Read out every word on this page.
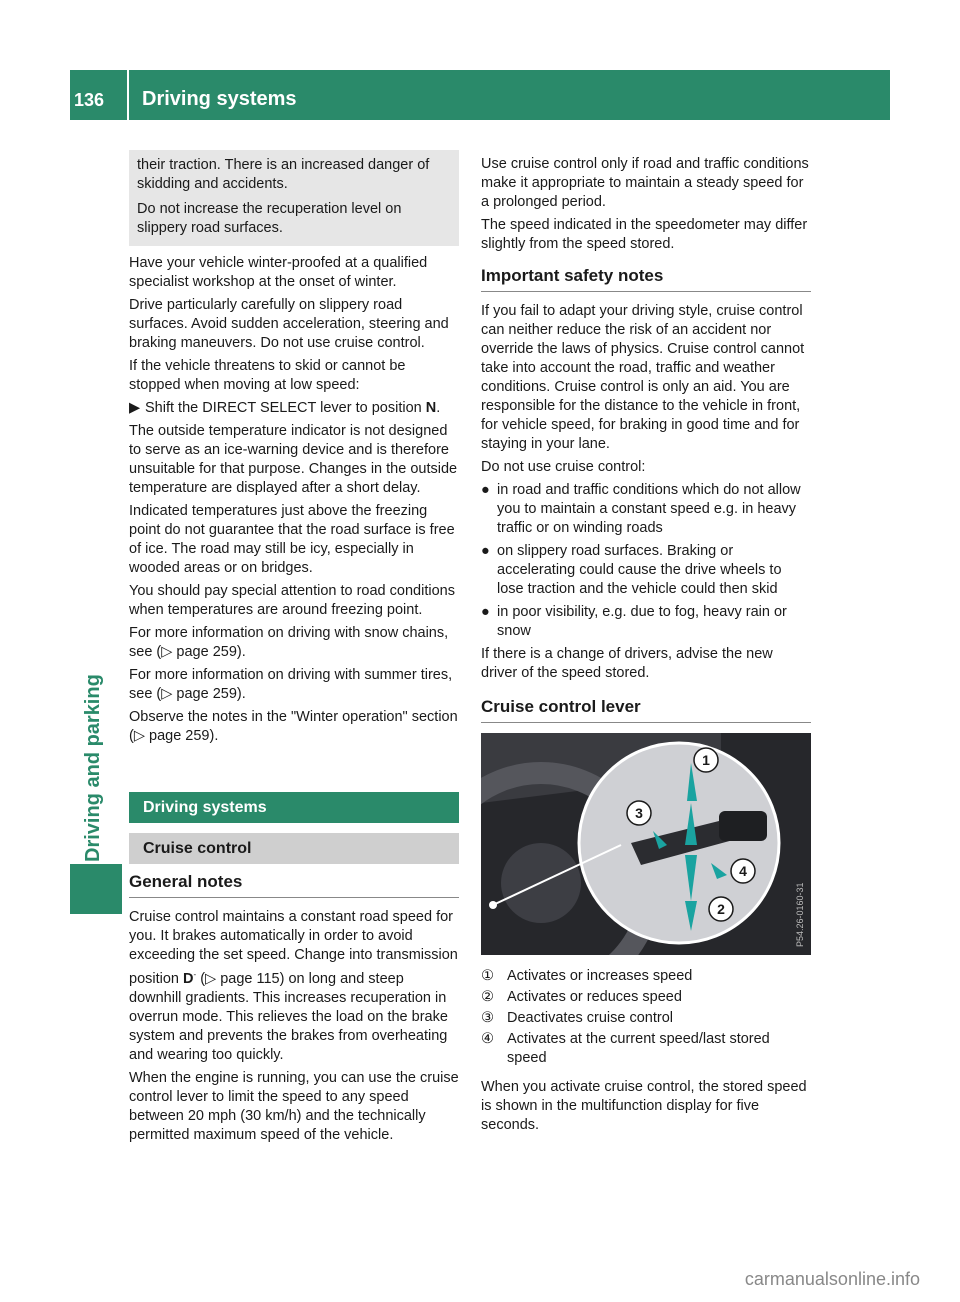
136 Driving systems
Driving and parking

their traction. There is an increased danger of skidding and accidents.

Do not increase the recuperation level on slippery road surfaces.

Have your vehicle winter-proofed at a qualified specialist workshop at the onset of winter.

Drive particularly carefully on slippery road surfaces. Avoid sudden acceleration, steering and braking maneuvers. Do not use cruise control.

If the vehicle threatens to skid or cannot be stopped when moving at low speed:

▶ Shift the DIRECT SELECT lever to position N.

The outside temperature indicator is not designed to serve as an ice-warning device and is therefore unsuitable for that purpose. Changes in the outside temperature are displayed after a short delay.

Indicated temperatures just above the freezing point do not guarantee that the road surface is free of ice. The road may still be icy, especially in wooded areas or on bridges.

You should pay special attention to road conditions when temperatures are around freezing point.

For more information on driving with snow chains, see (▷ page 259).

For more information on driving with summer tires, see (▷ page 259).

Observe the notes in the "Winter operation" section (▷ page 259).

Driving systems
Cruise control
General notes

Cruise control maintains a constant road speed for you. It brakes automatically in order to avoid exceeding the set speed. Change into transmission position D- (▷ page 115) on long and steep downhill gradients. This increases recuperation in overrun mode. This relieves the load on the brake system and prevents the brakes from overheating and wearing too quickly.

When the engine is running, you can use the cruise control lever to limit the speed to any speed between 20 mph (30 km/h) and the technically permitted maximum speed of the vehicle.

Use cruise control only if road and traffic conditions make it appropriate to maintain a steady speed for a prolonged period.

The speed indicated in the speedometer may differ slightly from the speed stored.

Important safety notes

If you fail to adapt your driving style, cruise control can neither reduce the risk of an accident nor override the laws of physics. Cruise control cannot take into account the road, traffic and weather conditions. Cruise control is only an aid. You are responsible for the distance to the vehicle in front, for vehicle speed, for braking in good time and for staying in your lane.

Do not use cruise control:

● in road and traffic conditions which do not allow you to maintain a constant speed e.g. in heavy traffic or on winding roads

● on slippery road surfaces. Braking or accelerating could cause the drive wheels to lose traction and the vehicle could then skid

● in poor visibility, e.g. due to fog, heavy rain or snow

If there is a change of drivers, advise the new driver of the speed stored.

Cruise control lever
1
2
3
4
P54.26-0160-31
① Activates or increases speed
② Activates or reduces speed
③ Deactivates cruise control
④ Activates at the current speed/last stored speed

When you activate cruise control, the stored speed is shown in the multifunction display for five seconds.

carmanualsonline.info
